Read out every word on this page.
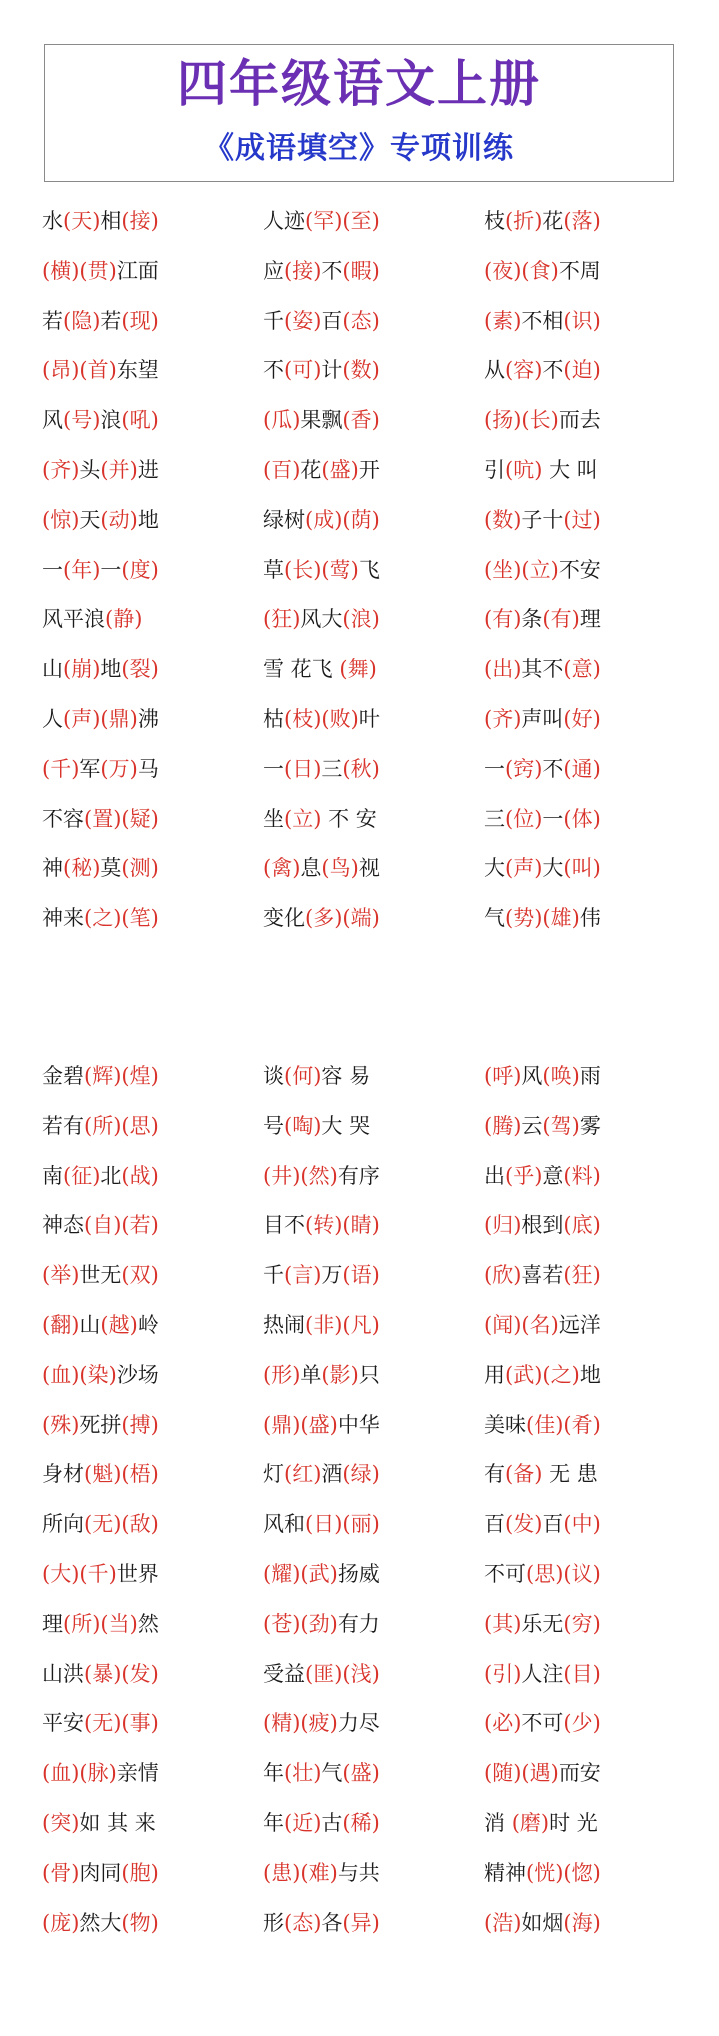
四年级语文上册
《成语填空》专项训练
水(天)相(接)	人迹(罕)(至)	枝(折)花(落)
(横)(贯)江面	应(接)不(暇)	(夜)(食)不周
若(隐)若(现)	千(姿)百(态)	(素)不相(识)
(昂)(首)东望	不(可)计(数)	从(容)不(迫)
风(号)浪(吼)	(瓜)果飘(香)	(扬)(长)而去
(齐)头(并)进	(百)花(盛)开	引(吭) 大 叫
(惊)天(动)地	绿树(成)(荫)	(数)子十(过)
一(年)一(度)	草(长)(莺)飞	(坐)(立)不安
风平浪(静)	(狂)风大(浪)	(有)条(有)理
山(崩)地(裂)	雪 花飞 (舞)	(出)其不(意)
人(声)(鼎)沸	枯(枝)(败)叶	(齐)声叫(好)
(千)军(万)马	一(日)三(秋)	一(窍)不(通)
不容(置)(疑)	坐(立) 不 安	三(位)一(体)
神(秘)莫(测)	(禽)息(鸟)视	大(声)大(叫)
神来(之)(笔)	变化(多)(端)	气(势)(雄)伟
金碧(辉)(煌)	谈(何)容 易	(呼)风(唤)雨
若有(所)(思)	号(啕)大 哭	(腾)云(驾)雾
南(征)北(战)	(井)(然)有序	出(乎)意(料)
神态(自)(若)	目不(转)(睛)	(归)根到(底)
(举)世无(双)	千(言)万(语)	(欣)喜若(狂)
(翻)山(越)岭	热闹(非)(凡)	(闻)(名)远洋
(血)(染)沙场	(形)单(影)只	用(武)(之)地
(殊)死拼(搏)	(鼎)(盛)中华	美味(佳)(肴)
身材(魁)(梧)	灯(红)酒(绿)	有(备) 无 患
所向(无)(敌)	风和(日)(丽)	百(发)百(中)
(大)(千)世界	(耀)(武)扬威	不可(思)(议)
理(所)(当)然	(苍)(劲)有力	(其)乐无(穷)
山洪(暴)(发)	受益(匪)(浅)	(引)人注(目)
平安(无)(事)	(精)(疲)力尽	(必)不可(少)
(血)(脉)亲情	年(壮)气(盛)	(随)(遇)而安
(突)如 其 来	年(近)古(稀)	消 (磨)时 光
(骨)肉同(胞)	(患)(难)与共	精神(恍)(惚)
(庞)然大(物)	形(态)各(异)	(浩)如烟(海)
